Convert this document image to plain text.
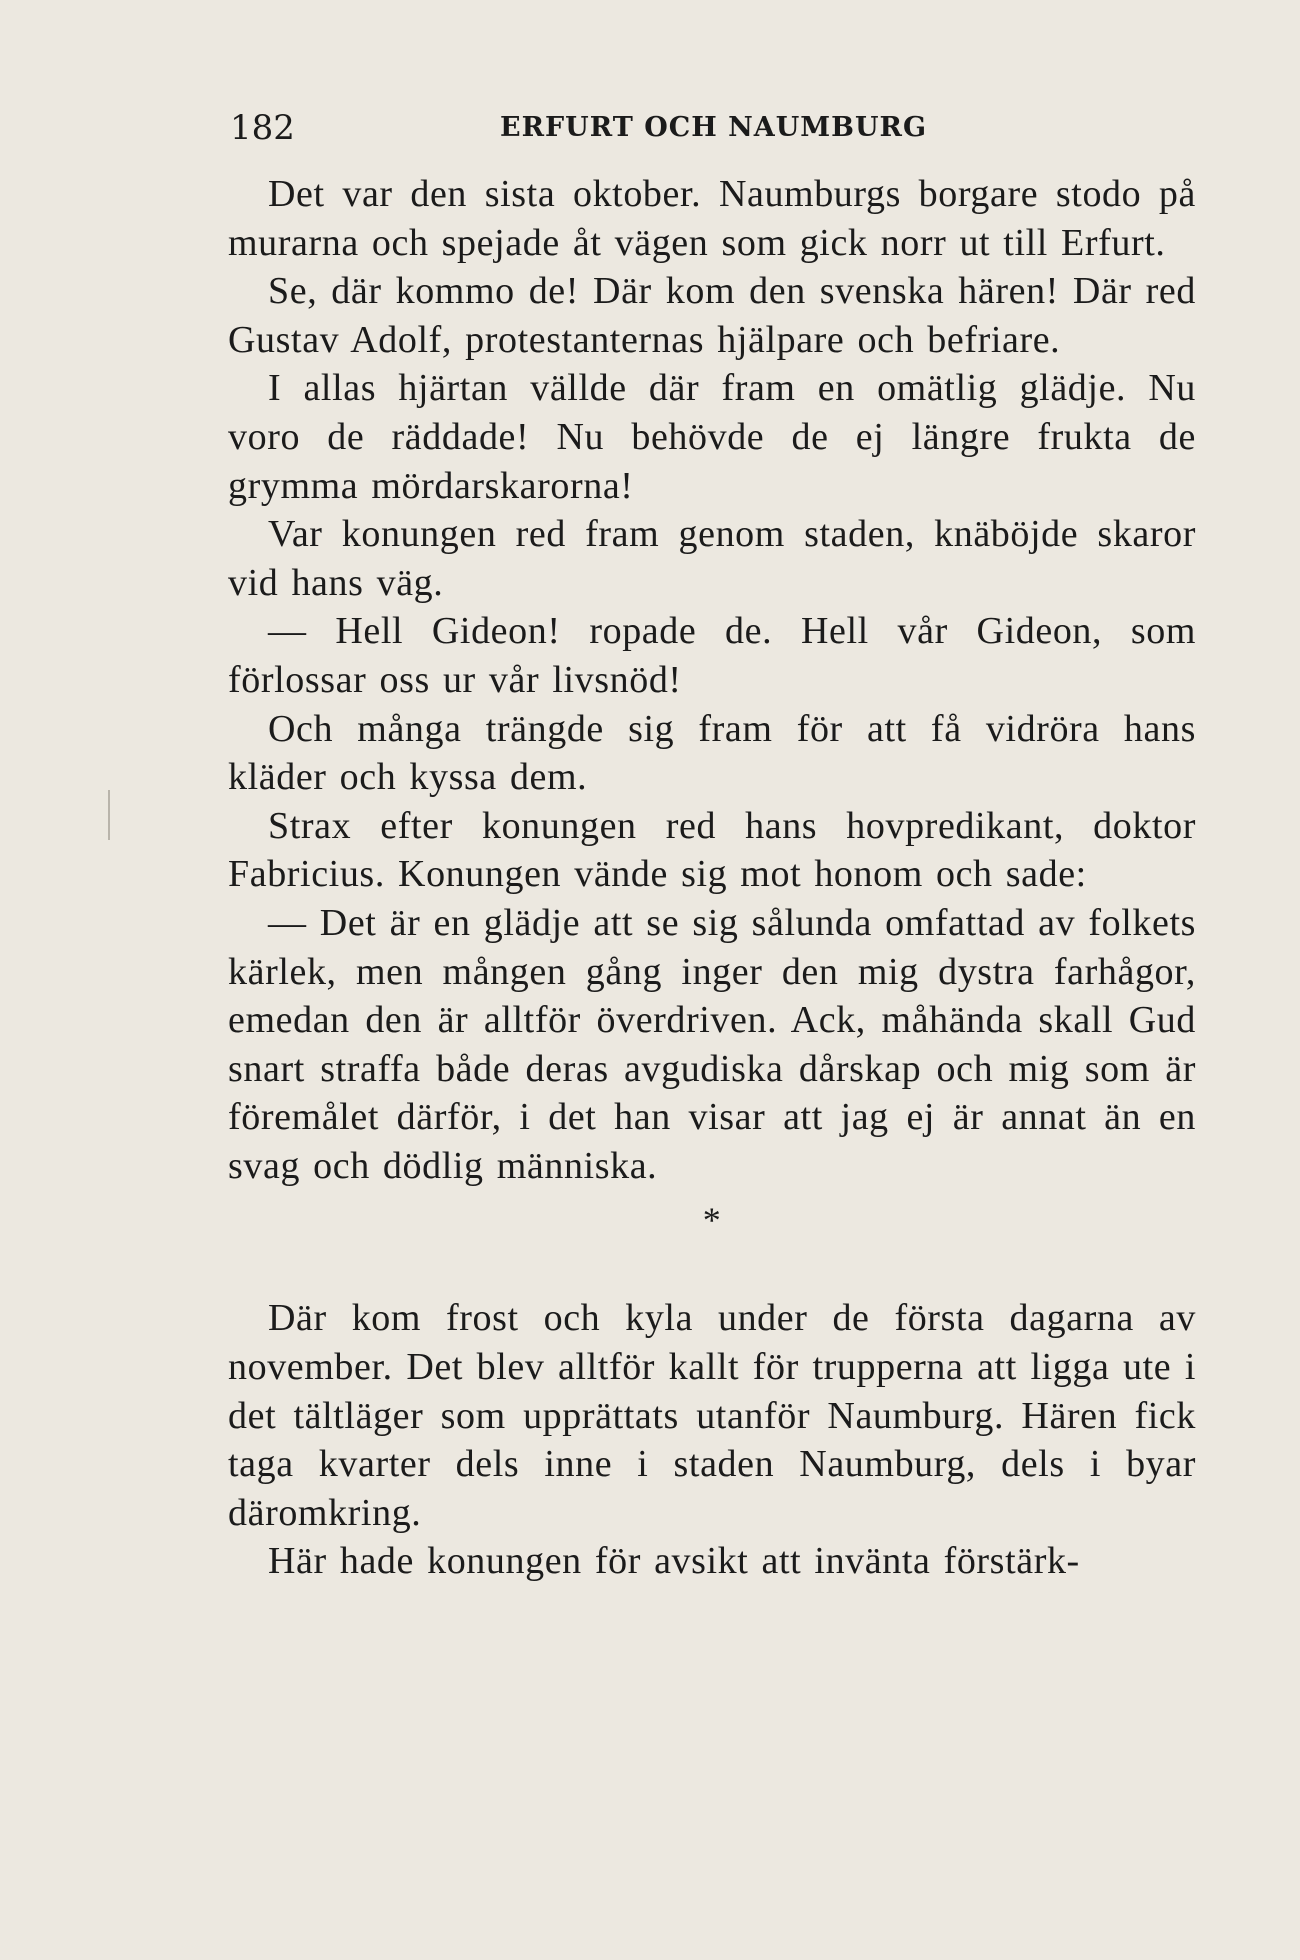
182	ERFURT OCH NAUMBURG

Det var den sista oktober. Naumburgs borgare stodo på murarna och spejade åt vägen som gick norr ut till Erfurt.

Se, där kommo de! Där kom den svenska hären! Där red Gustav Adolf, protestanternas hjälpare och befriare.

I allas hjärtan vällde där fram en omätlig glädje. Nu voro de räddade! Nu behövde de ej längre frukta de grymma mördarskarorna!

Var konungen red fram genom staden, knäböjde skaror vid hans väg.

— Hell Gideon! ropade de. Hell vår Gideon, som förlossar oss ur vår livsnöd!

Och många trängde sig fram för att få vidröra hans kläder och kyssa dem.

Strax efter konungen red hans hovpredikant, doktor Fabricius. Konungen vände sig mot honom och sade:

— Det är en glädje att se sig sålunda omfattad av folkets kärlek, men mången gång inger den mig dystra farhågor, emedan den är alltför överdriven. Ack, måhända skall Gud snart straffa både deras avgudiska dårskap och mig som är föremålet därför, i det han visar att jag ej är annat än en svag och dödlig människa.

*

Där kom frost och kyla under de första dagarna av november. Det blev alltför kallt för trupperna att ligga ute i det tältläger som upprättats utanför Naumburg. Hären fick taga kvarter dels inne i staden Naumburg, dels i byar däromkring.

Här hade konungen för avsikt att invänta förstärk-
